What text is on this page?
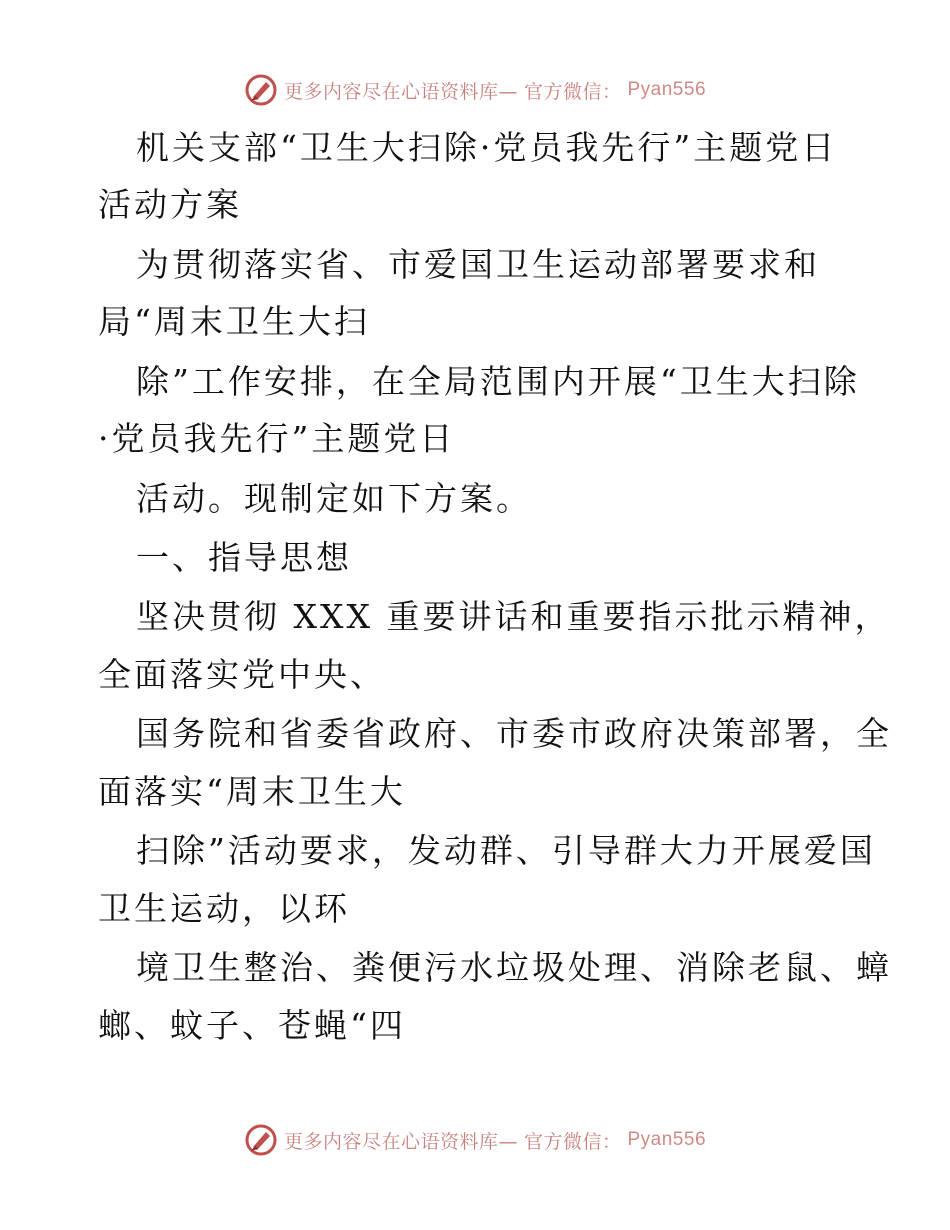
更多内容尽在心语资料库— 官方微信： Pyan556
机关支部“卫生大扫除·党员我先行”主题党日
活动方案
为贯彻落实省、市爱国卫生运动部署要求和
局“周末卫生大扫
除”工作安排，在全局范围内开展“卫生大扫除
·党员我先行”主题党日
活动。现制定如下方案。
一、指导思想
坚决贯彻 XXX 重要讲话和重要指示批示精神，
全面落实党中央、
国务院和省委省政府、市委市政府决策部署，全
面落实“周末卫生大
扫除”活动要求，发动群、引导群大力开展爱国
卫生运动，以环
境卫生整治、粪便污水垃圾处理、消除老鼠、蟑
螂、蚊子、苍蝇“四
更多内容尽在心语资料库— 官方微信： Pyan556
